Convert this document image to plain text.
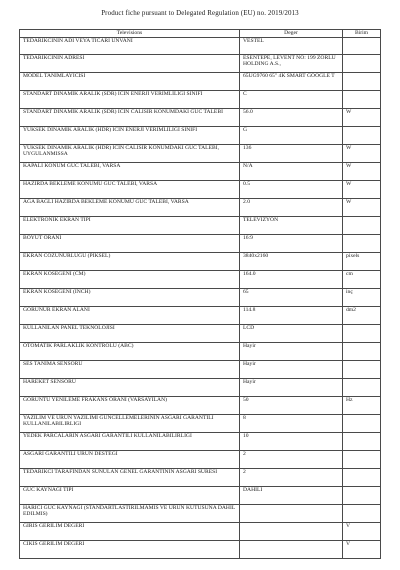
Product fiche pursuant to Delegated Regulation (EU) no. 2019/2013
Televisions	Deger	Birim
TEDARIKCININ ADI VEYA TICARI UNVANI	VESTEL	
TEDARIKCININ ADRESI	ESENTEPE, LEVENT NO: 199 ZORLU HOLDING A.S.,	
MODEL TANIMLAYICISI	65UG9760 65" 4K SMART GOOGLE T	
STANDART DINAMIK ARALIK (SDR) ICIN ENERJI VERIMLILIGI SINIFI	C	
STANDART DINAMIK ARALIK (SDR) ICIN CALISIR KONUMDAKI GUC TALEBI	56.0	W
YUKSEK DINAMIK ARALIK (HDR) ICIN ENERJI VERIMLILIGI SINIFI	G	
YUKSEK DINAMIK ARALIK (HDR) ICIN CALISIR KONUMDAKI GUC TALEBI, UYGULANMISSA	136	W
KAPALI KONUM GUC TALEBI, VARSA	N/A	W
HAZIRDA BEKLEME KONUMU GUC TALEBI, VARSA	0.5	W
AGA BAGLI HAZIRDA BEKLEME KONUMU GUC TALEBI, VARSA	2.0	W
ELEKTRONIK EKRAN TIPI	TELEVIZYON	
BOYUT ORANI	16:9	
EKRAN COZUNURLUGU (PIKSEL)	3840x2160	pixels
EKRAN KOSEGENI (CM)	164.0	cm
EKRAN KOSEGENI (INCH)	65	inç
GORUNUR EKRAN ALANI	114.8	dm2
KULLANILAN PANEL TEKNOLOJISI	LCD	
OTOMATIK PARLAKLIK KONTROLU (ABC)	Hayir	
SES TANIMA SENSORU	Hayir	
HAREKET SENSORU	Hayir	
GORUNTU YENILEME FRAKANS ORANI (VARSAYILAN)	50	Hz
YAZILIM VE URUN YAZILIMI GUNCELLEMELERININ ASGARI GARANTILI KULLANILABILIRLIGI	8	
YEDEK PARCALARIN ASGARI GARANTILI KULLANILABILIRLIGI	10	
ASGARI GARANTILI URUN DESTEGI	2	
TEDARIKCI TARAFINDAN SUNULAN GENEL GARANTININ ASGARI SURESI	2	
GUC KAYNAGI TIPI	DAHILI	
HARICI GUC KAYNAGI (STANDARTLASTIRILMAMIS VE URUN KUTUSUNA DAHIL EDILMIS)		
GIRIS GERILIM DEGERI		V
CIKIS GERILIM DEGERI		V
